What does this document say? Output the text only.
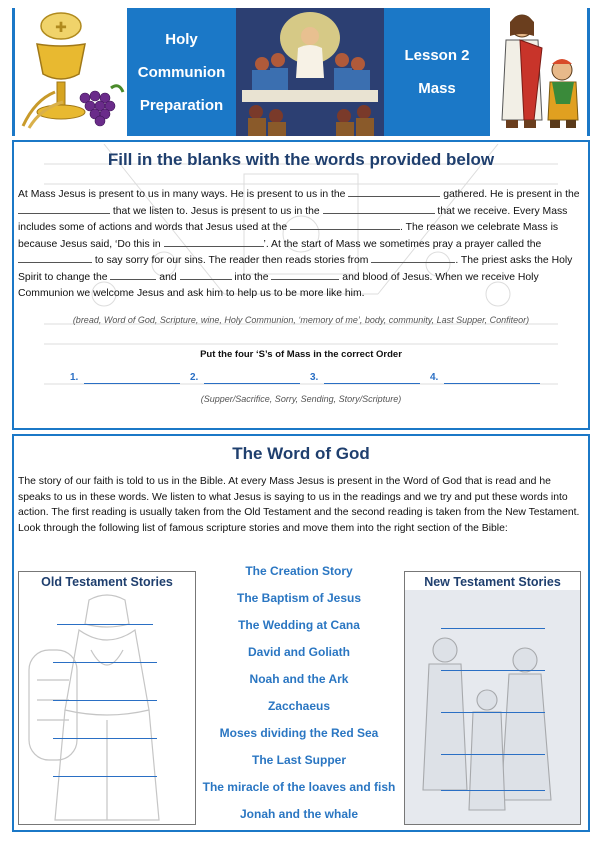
✚
Holy
Communion
Preparation
Lesson 2
Mass
Fill in the blanks with the words provided below
At Mass Jesus is present to us in many ways. He is present to us in the	gathered. He is present in the  that we listen to. Jesus is present to us in the	that we receive. Every Mass includes some of actions and words that Jesus used at the	. The reason we celebrate Mass is because Jesus said, ‘Do this in	’. At the start of Mass we sometimes pray a prayer called the  to say sorry for our sins. The reader then reads stories from	. The priest asks the Holy Spirit to change the	and	into the	and blood of Jesus. When we receive Holy Communion we welcome Jesus and ask him to help us to be more like him.
(bread, Word of God, Scripture, wine, Holy Communion, ‘memory of me’, body, community, Last Supper, Confiteor)
Put the four ‘S’s of Mass in the correct Order
1.	2.	3.	4.
(Supper/Sacrifice, Sorry, Sending, Story/Scripture)
The Word of God
The story of our faith is told to us in the Bible. At every Mass Jesus is present in the Word of God that is read and he speaks to us in these words. We listen to what Jesus is saying to us in the readings and we try and put these words into action. The first reading is usually taken from the Old Testament and the second reading is taken from the New Testament. Look through the following list of famous scripture stories and move them into the right section of the Bible:
Old Testament Stories
The Creation Story
The Baptism of Jesus
The Wedding at Cana
David and Goliath
Noah and the Ark
Zacchaeus
Moses dividing the Red Sea
The Last Supper
The miracle of the loaves and fish
Jonah and the whale
New Testament Stories
